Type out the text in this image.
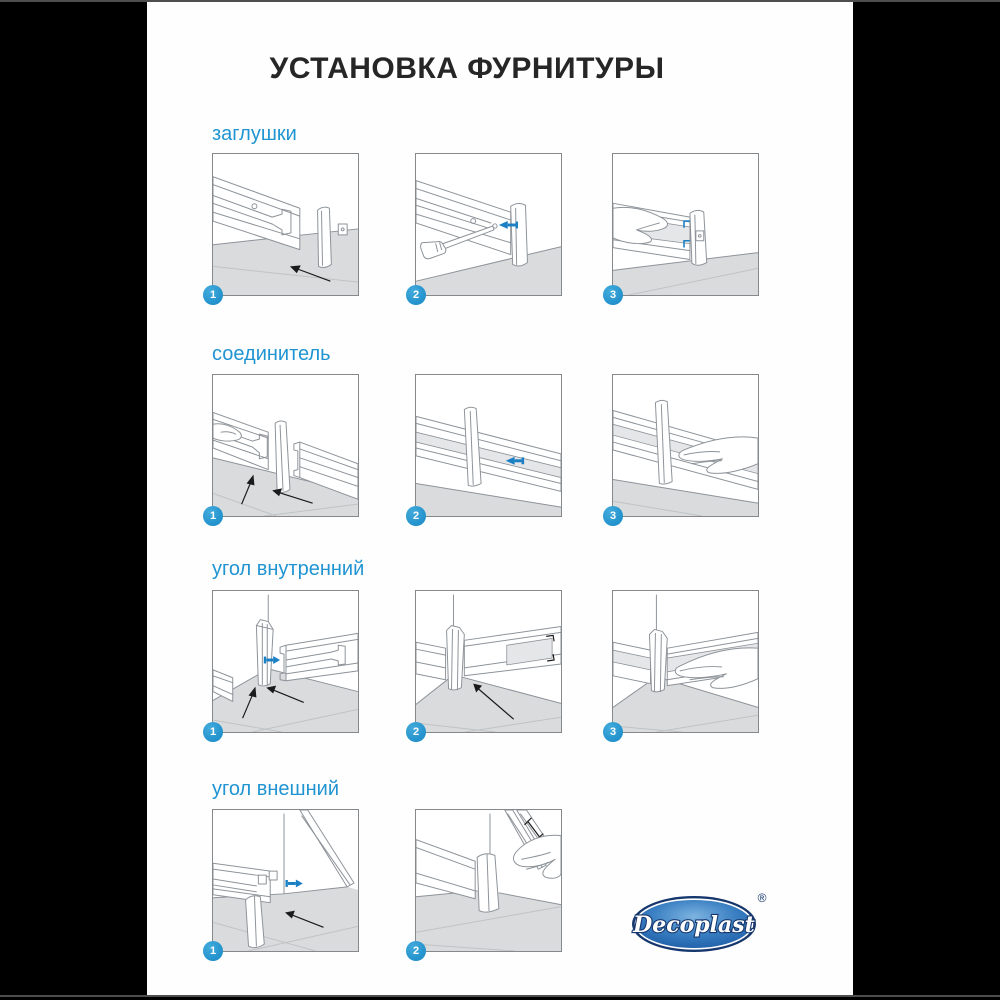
УСТАНОВКА ФУРНИТУРЫ
заглушки
1	2	3
соединитель
1	2	3
угол внутренний
1	2	3
угол внешний
1	2
Decoplast
®
